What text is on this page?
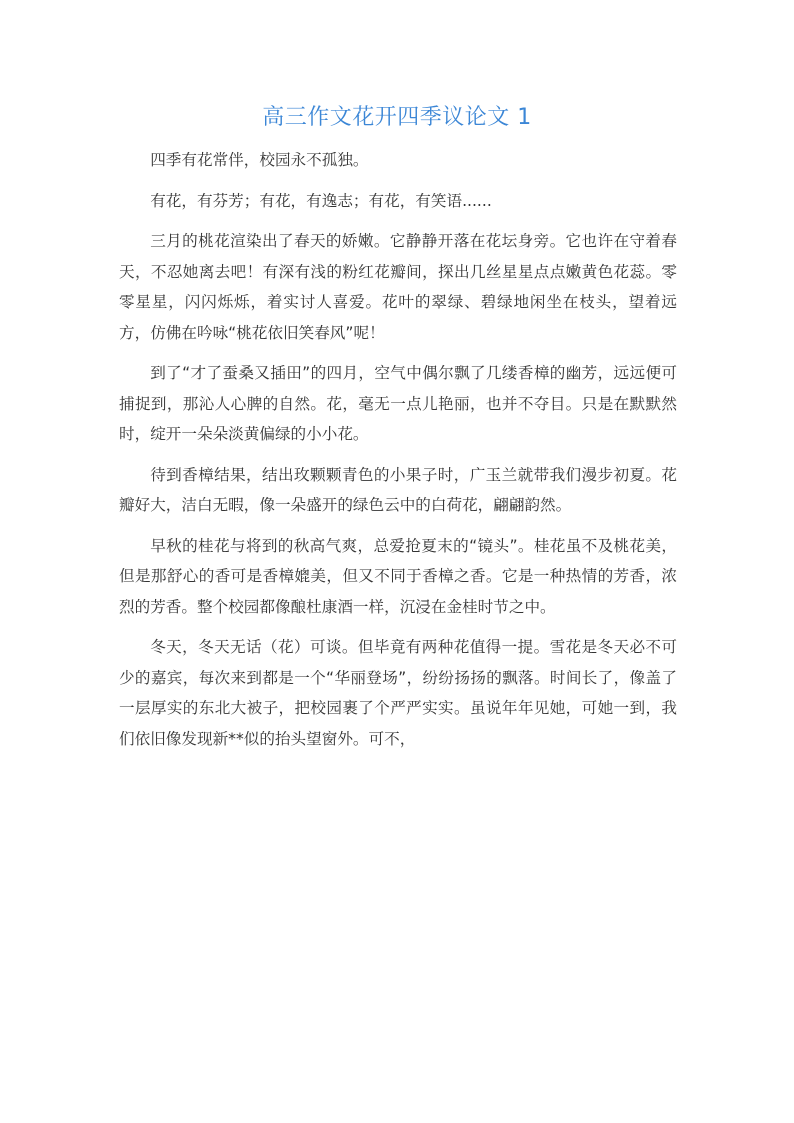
高三作文花开四季议论文 1

四季有花常伴，校园永不孤独。

有花，有芬芳；有花，有逸志；有花，有笑语......

三月的桃花渲染出了春天的娇嫩。它静静开落在花坛身旁。它也许在守着春天，不忍她离去吧！有深有浅的粉红花瓣间，探出几丝星星点点嫩黄色花蕊。零零星星，闪闪烁烁，着实讨人喜爱。花叶的翠绿、碧绿地闲坐在枝头，望着远方，仿佛在吟咏“桃花依旧笑春风”呢！

到了“才了蚕桑又插田”的四月，空气中偶尔飘了几缕香樟的幽芳，远远便可捕捉到，那沁人心脾的自然。花，毫无一点儿艳丽，也并不夺目。只是在默默然时，绽开一朵朵淡黄偏绿的小小花。

待到香樟结果，结出玫颗颗青色的小果子时，广玉兰就带我们漫步初夏。花瓣好大，洁白无暇，像一朵盛开的绿色云中的白荷花，翩翩韵然。

早秋的桂花与将到的秋高气爽，总爱抢夏末的“镜头”。桂花虽不及桃花美，但是那舒心的香可是香樟媲美，但又不同于香樟之香。它是一种热情的芳香，浓烈的芳香。整个校园都像酿杜康酒一样，沉浸在金桂时节之中。

冬天，冬天无话（花）可谈。但毕竟有两种花值得一提。雪花是冬天必不可少的嘉宾，每次来到都是一个“华丽登场”，纷纷扬扬的飘落。时间长了，像盖了一层厚实的东北大被子，把校园裹了个严严实实。虽说年年见她，可她一到，我们依旧像发现新**似的抬头望窗外。可不，
